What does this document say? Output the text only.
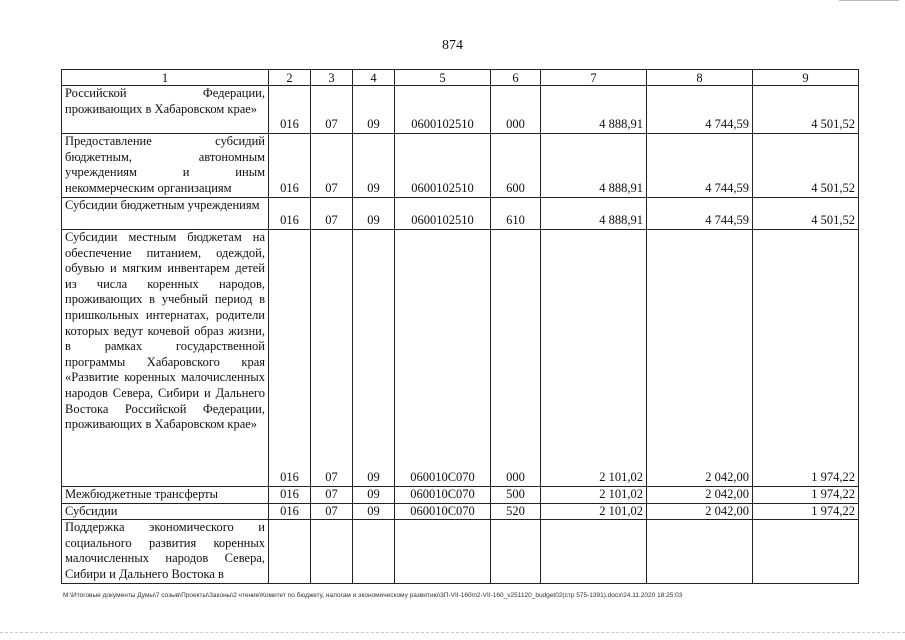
874
1	2	3	4	5	6	7	8	9
Российской Федерации, проживающих в Хабаровском крае»	016	07	09	0600102510	000	4 888,91	4 744,59	4 501,52
Предоставление субсидий бюджетным, автономным учреждениям и иным некоммерческим организациям	016	07	09	0600102510	600	4 888,91	4 744,59	4 501,52
Субсидии бюджетным учреждениям	016	07	09	0600102510	610	4 888,91	4 744,59	4 501,52
Субсидии местным бюджетам на обеспечение питанием, одеждой, обувью и мягким инвентарем детей из числа коренных народов, проживающих в учебный период в пришкольных интернатах, родители которых ведут кочевой образ жизни, в рамках государственной программы Хабаровского края «Развитие коренных малочисленных народов Севера, Сибири и Дальнего Востока Российской Федерации, проживающих в Хабаровском крае»	016	07	09	060010С070	000	2 101,02	2 042,00	1 974,22
Межбюджетные трансферты	016	07	09	060010С070	500	2 101,02	2 042,00	1 974,22
Субсидии	016	07	09	060010С070	520	2 101,02	2 042,00	1 974,22
Поддержка экономического и социального развития коренных малочисленных народов Севера, Сибири и Дальнего Востока в								
M:\Итоговые документы Думы\7 созыв\Проекты\Законы\2 чтение\Комитет по бюджету, налогам и экономическому развитию\3П-VII-160\п2-VII-160_v251120_budget02(стр 575-1391).docx\24.11.2020 18:25:03
